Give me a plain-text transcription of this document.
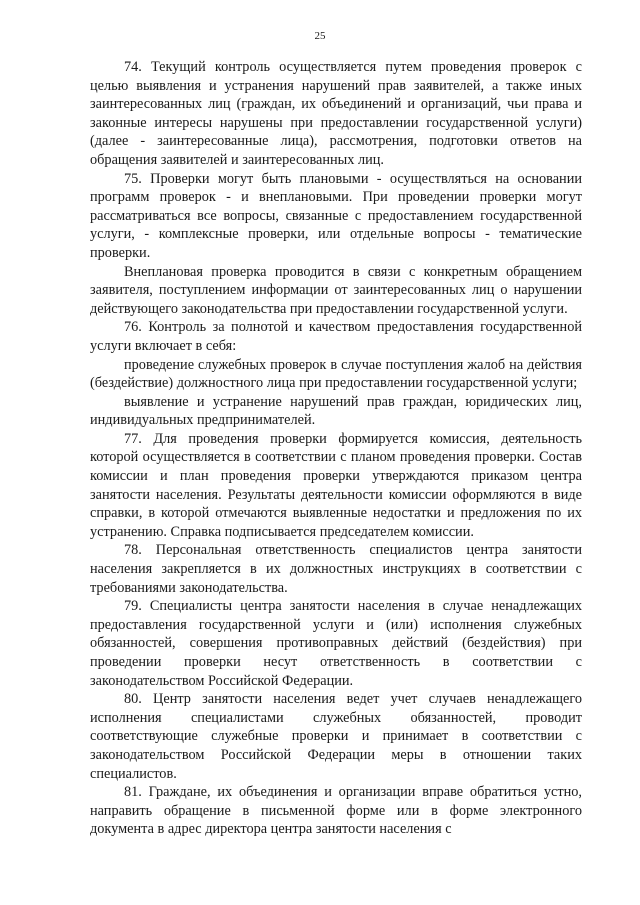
25

74. Текущий контроль осуществляется путем проведения проверок с целью выявления и устранения нарушений прав заявителей, а также иных заинтересованных лиц (граждан, их объединений и организаций, чьи права и законные интересы нарушены при предоставлении государственной услуги) (далее - заинтересованные лица), рассмотрения, подготовки ответов на обращения заявителей и заинтересованных лиц.

75. Проверки могут быть плановыми - осуществляться на основании программ проверок - и внеплановыми. При проведении проверки могут рассматриваться все вопросы, связанные с предоставлением государственной услуги, - комплексные проверки, или отдельные вопросы - тематические проверки.

Внеплановая проверка проводится в связи с конкретным обращением заявителя, поступлением информации от заинтересованных лиц о нарушении действующего законодательства при предоставлении государственной услуги.

76. Контроль за полнотой и качеством предоставления государственной услуги включает в себя:

проведение служебных проверок в случае поступления жалоб на действия (бездействие) должностного лица при предоставлении государственной услуги;

выявление и устранение нарушений прав граждан, юридических лиц, индивидуальных предпринимателей.

77. Для проведения проверки формируется комиссия, деятельность которой осуществляется в соответствии с планом проведения проверки. Состав комиссии и план проведения проверки утверждаются приказом центра занятости населения. Результаты деятельности комиссии оформляются в виде справки, в которой отмечаются выявленные недостатки и предложения по их устранению. Справка подписывается председателем комиссии.

78. Персональная ответственность специалистов центра занятости населения закрепляется в их должностных инструкциях в соответствии с требованиями законодательства.

79. Специалисты центра занятости населения в случае ненадлежащих предоставления государственной услуги и (или) исполнения служебных обязанностей, совершения противоправных действий (бездействия) при проведении проверки несут ответственность в соответствии с законодательством Российской Федерации.

80. Центр занятости населения ведет учет случаев ненадлежащего исполнения специалистами служебных обязанностей, проводит соответствующие служебные проверки и принимает в соответствии с законодательством Российской Федерации меры в отношении таких специалистов.

81. Граждане, их объединения и организации вправе обратиться устно, направить обращение в письменной форме или в форме электронного документа в адрес директора центра занятости населения с
